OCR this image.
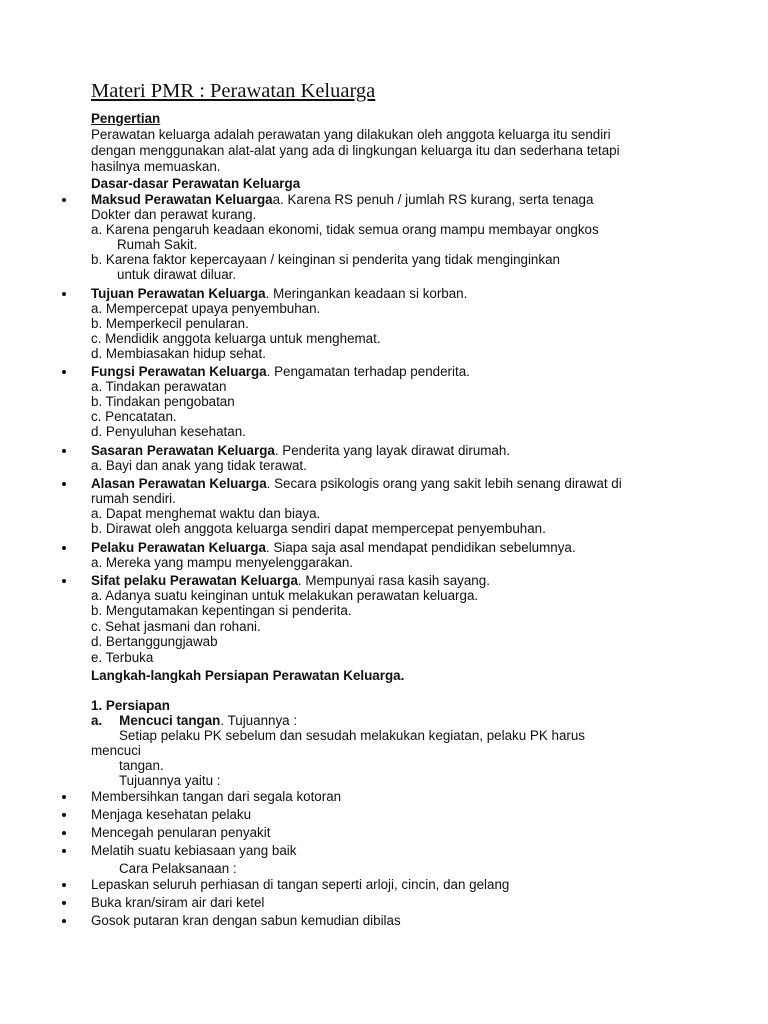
Materi PMR : Perawatan Keluarga
Pengertian
Perawatan keluarga adalah perawatan yang dilakukan oleh anggota keluarga itu sendiri
dengan menggunakan alat-alat yang ada di lingkungan keluarga itu dan sederhana tetapi
hasilnya memuaskan.
Dasar-dasar Perawatan Keluarga
Maksud Perawatan Keluargaa. Karena RS penuh / jumlah RS kurang, serta tenaga
Dokter dan perawat kurang.
a. Karena pengaruh keadaan ekonomi, tidak semua orang mampu membayar ongkos
Rumah Sakit.
b. Karena faktor kepercayaan / keinginan si penderita yang tidak menginginkan
untuk dirawat diluar.
Tujuan Perawatan Keluarga. Meringankan keadaan si korban.
a. Mempercepat upaya penyembuhan.
b. Memperkecil penularan.
c. Mendidik anggota keluarga untuk menghemat.
d. Membiasakan hidup sehat.
Fungsi Perawatan Keluarga. Pengamatan terhadap penderita.
a. Tindakan perawatan
b. Tindakan pengobatan
c. Pencatatan.
d. Penyuluhan kesehatan.
Sasaran Perawatan Keluarga. Penderita yang layak dirawat dirumah.
a. Bayi dan anak yang tidak terawat.
Alasan Perawatan Keluarga. Secara psikologis orang yang sakit lebih senang dirawat di
rumah sendiri.
a. Dapat menghemat waktu dan biaya.
b. Dirawat oleh anggota keluarga sendiri dapat mempercepat penyembuhan.
Pelaku Perawatan Keluarga. Siapa saja asal mendapat pendidikan sebelumnya.
a. Mereka yang mampu menyelenggarakan.
Sifat pelaku Perawatan Keluarga. Mempunyai rasa kasih sayang.
a. Adanya suatu keinginan untuk melakukan perawatan keluarga.
b. Mengutamakan kepentingan si penderita.
c. Sehat jasmani dan rohani.
d. Bertanggungjawab
e. Terbuka
Langkah-langkah Persiapan Perawatan Keluarga.
1. Persiapan
a. Mencuci tangan. Tujuannya :
Setiap pelaku PK sebelum dan sesudah melakukan kegiatan, pelaku PK harus
mencuci
tangan.
Tujuannya yaitu :
Membersihkan tangan dari segala kotoran
Menjaga kesehatan pelaku
Mencegah penularan penyakit
Melatih suatu kebiasaan yang baik
Cara Pelaksanaan :
Lepaskan seluruh perhiasan di tangan seperti arloji, cincin, dan gelang
Buka kran/siram air dari ketel
Gosok putaran kran dengan sabun kemudian dibilas
